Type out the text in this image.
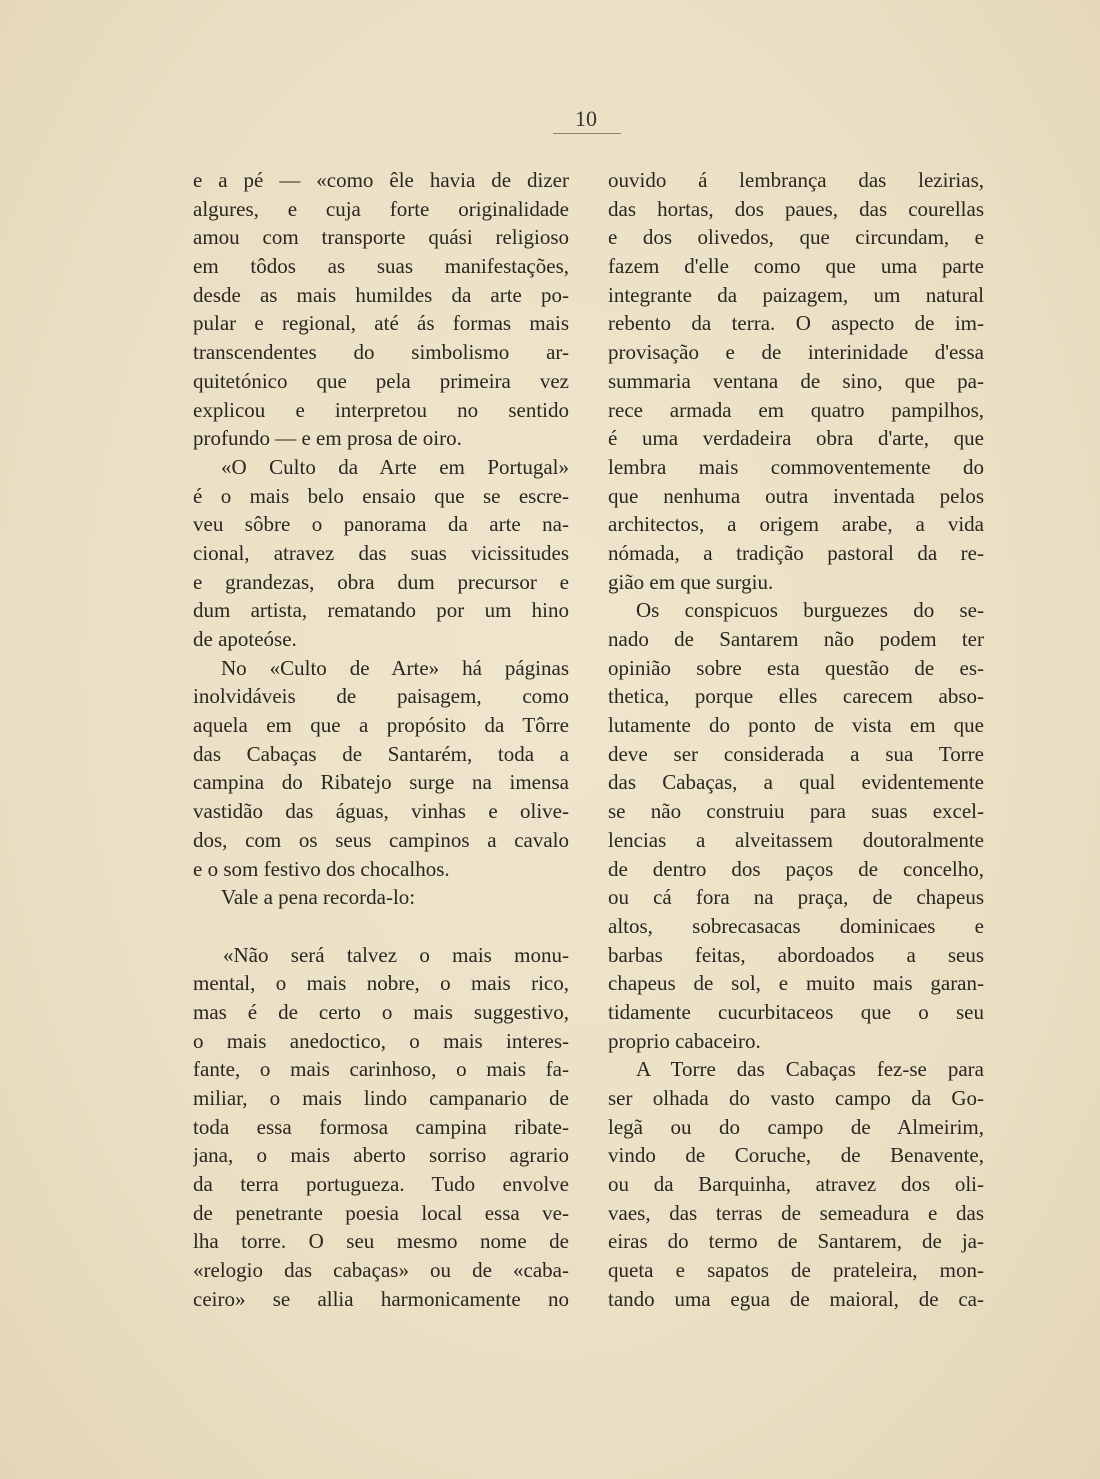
10
e a pé — «como êle havia de dizer
algures, e cuja forte originalidade
amou com transporte quási religioso
em tôdos as suas manifestações,
desde as mais humildes da arte po-
pular e regional, até ás formas mais
transcendentes do simbolismo ar-
quitetónico que pela primeira vez
explicou e interpretou no sentido
profundo — e em prosa de oiro.
«O Culto da Arte em Portugal»
é o mais belo ensaio que se escre-
veu sôbre o panorama da arte na-
cional, atravez das suas vicissitudes
e grandezas, obra dum precursor e
dum artista, rematando por um hino
de apoteóse.
No «Culto de Arte» há páginas
inolvidáveis de paisagem, como
aquela em que a propósito da Tôrre
das Cabaças de Santarém, toda a
campina do Ribatejo surge na imensa
vastidão das águas, vinhas e olive-
dos, com os seus campinos a cavalo
e o som festivo dos chocalhos.
Vale a pena recorda-lo:
«Não será talvez o mais monu-
mental, o mais nobre, o mais rico,
mas é de certo o mais suggestivo,
o mais anedoctico, o mais interes-
fante, o mais carinhoso, o mais fa-
miliar, o mais lindo campanario de
toda essa formosa campina ribate-
jana, o mais aberto sorriso agrario
da terra portugueza. Tudo envolve
de penetrante poesia local essa ve-
lha torre. O seu mesmo nome de
«relogio das cabaças» ou de «caba-
ceiro» se allia harmonicamente no
ouvido á lembrança das lezirias,
das hortas, dos paues, das courellas
e dos olivedos, que circundam, e
fazem d'elle como que uma parte
integrante da paizagem, um natural
rebento da terra. O aspecto de im-
provisação e de interinidade d'essa
summaria ventana de sino, que pa-
rece armada em quatro pampilhos,
é uma verdadeira obra d'arte, que
lembra mais commoventemente do
que nenhuma outra inventada pelos
architectos, a origem arabe, a vida
nómada, a tradição pastoral da re-
gião em que surgiu.
Os conspicuos burguezes do se-
nado de Santarem não podem ter
opinião sobre esta questão de es-
thetica, porque elles carecem abso-
lutamente do ponto de vista em que
deve ser considerada a sua Torre
das Cabaças, a qual evidentemente
se não construiu para suas excel-
lencias a alveitassem doutoralmente
de dentro dos paços de concelho,
ou cá fora na praça, de chapeus
altos, sobrecasacas dominicaes e
barbas feitas, abordoados a seus
chapeus de sol, e muito mais garan-
tidamente cucurbitaceos que o seu
proprio cabaceiro.
A Torre das Cabaças fez-se para
ser olhada do vasto campo da Go-
legã ou do campo de Almeirim,
vindo de Coruche, de Benavente,
ou da Barquinha, atravez dos oli-
vaes, das terras de semeadura e das
eiras do termo de Santarem, de ja-
queta e sapatos de prateleira, mon-
tando uma egua de maioral, de ca-
